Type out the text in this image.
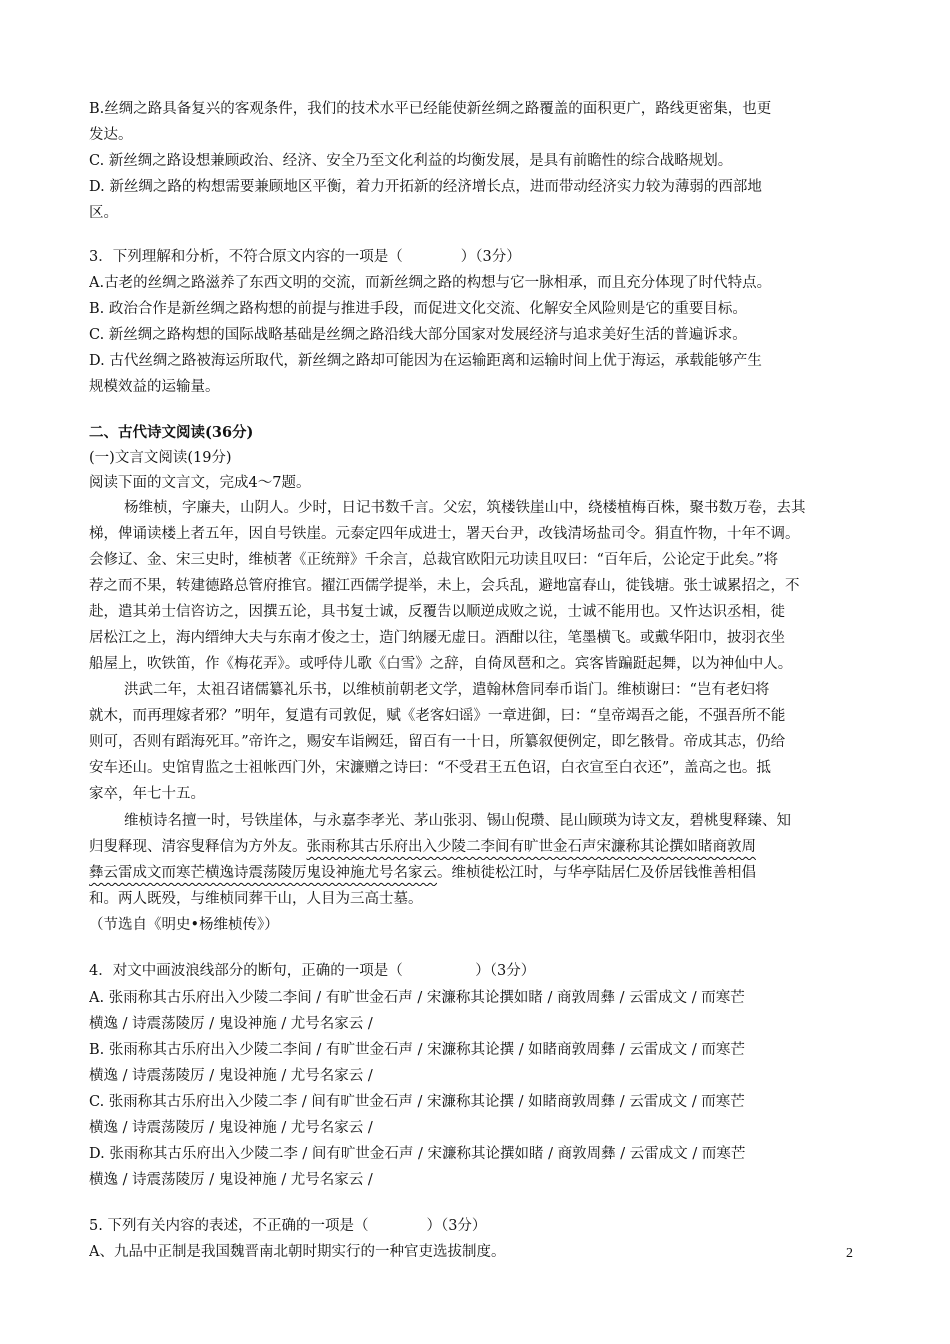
B.丝绸之路具备复兴的客观条件，我们的技术水平已经能使新丝绸之路覆盖的面积更广，路线更密集，也更
发达。
C. 新丝绸之路设想兼顾政治、经济、安全乃至文化利益的均衡发展，是具有前瞻性的综合战略规划。
D. 新丝绸之路的构想需要兼顾地区平衡，着力开拓新的经济增长点，进而带动经济实力较为薄弱的西部地
区。
3．下列理解和分析，不符合原文内容的一项是（　　　　）（3分）
A.古老的丝绸之路滋养了东西文明的交流，而新丝绸之路的构想与它一脉相承，而且充分体现了时代特点。
B. 政治合作是新丝绸之路构想的前提与推进手段，而促进文化交流、化解安全风险则是它的重要目标。
C. 新丝绸之路构想的国际战略基础是丝绸之路沿线大部分国家对发展经济与追求美好生活的普遍诉求。
D. 古代丝绸之路被海运所取代，新丝绸之路却可能因为在运输距离和运输时间上优于海运，承载能够产生
规模效益的运输量。
二、古代诗文阅读(36分)
(一)文言文阅读(19分)
阅读下面的文言文，完成4～7题。
杨维桢，字廉夫，山阴人。少时，日记书数千言。父宏，筑楼铁崖山中，绕楼植梅百株，聚书数万卷，去其
梯，俾诵读楼上者五年，因自号铁崖。元泰定四年成进士，署天台尹，改钱清场盐司令。狷直忤物，十年不调。
会修辽、金、宋三史时，维桢著《正统辩》千余言，总裁官欧阳元功读且叹曰：“百年后，公论定于此矣。”将
荐之而不果，转建德路总管府推官。擢江西儒学提举，未上，会兵乱，避地富春山，徙钱塘。张士诚累招之，不
赴，遣其弟士信咨访之，因撰五论，具书复士诚，反覆告以顺逆成败之说，士诚不能用也。又忤达识丞相，徙
居松江之上，海内缙绅大夫与东南才俊之士，造门纳屦无虚日。酒酣以往，笔墨横飞。或戴华阳巾，披羽衣坐
船屋上，吹铁笛，作《梅花弄》。或呼侍儿歌《白雪》之辞，自倚凤琶和之。宾客皆蹁跹起舞，以为神仙中人。
洪武二年，太祖召诸儒纂礼乐书，以维桢前朝老文学，遣翰林詹同奉币诣门。维桢谢曰：“岂有老妇将
就木，而再理嫁者邪？”明年，复遣有司敦促，赋《老客妇谣》一章进御，曰：“皇帝竭吾之能，不强吾所不能
则可，否则有蹈海死耳。”帝许之，赐安车诣阙廷，留百有一十日，所纂叙便例定，即乞骸骨。帝成其志，仍给
安车还山。史馆胄监之士祖帐西门外，宋濂赠之诗曰：“不受君王五色诏，白衣宣至白衣还”，盖高之也。抵
家卒，年七十五。
维桢诗名擅一时，号铁崖体，与永嘉李孝光、茅山张羽、锡山倪瓒、昆山顾瑛为诗文友，碧桃叟释臻、知
归叟释现、清容叟释信为方外友。张雨称其古乐府出入少陵二李间有旷世金石声宋濂称其论撰如睹商敦周
彝云雷成文而寒芒横逸诗震荡陵厉鬼设神施尤号名家云。维桢徙松江时，与华亭陆居仁及侨居钱惟善相倡
和。两人既殁，与维桢同葬干山，人目为三高士墓。
（节选自《明史•杨维桢传》）
4．对文中画波浪线部分的断句，正确的一项是（　　　　　）（3分）
A. 张雨称其古乐府出入少陵二李间 / 有旷世金石声 / 宋濂称其论撰如睹 / 商敦周彝 / 云雷成文 / 而寒芒
横逸 / 诗震荡陵厉 / 鬼设神施 / 尤号名家云 /
B. 张雨称其古乐府出入少陵二李间 / 有旷世金石声 / 宋濂称其论撰 / 如睹商敦周彝 / 云雷成文 / 而寒芒
横逸 / 诗震荡陵厉 / 鬼设神施 / 尤号名家云 /
C. 张雨称其古乐府出入少陵二李 / 间有旷世金石声 / 宋濂称其论撰 / 如睹商敦周彝 / 云雷成文 / 而寒芒
横逸 / 诗震荡陵厉 / 鬼设神施 / 尤号名家云 /
D. 张雨称其古乐府出入少陵二李 / 间有旷世金石声 / 宋濂称其论撰如睹 / 商敦周彝 / 云雷成文 / 而寒芒
横逸 / 诗震荡陵厉 / 鬼设神施 / 尤号名家云 /
5. 下列有关内容的表述，不正确的一项是（　　　　）（3分）
A、九品中正制是我国魏晋南北朝时期实行的一种官吏选拔制度。	2
